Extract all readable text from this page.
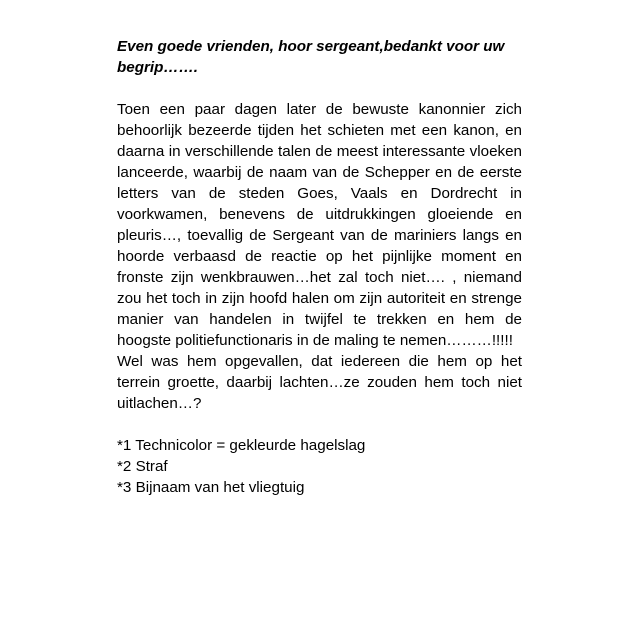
Even goede vrienden, hoor sergeant,bedankt voor uw

begrip…….

Toen een paar dagen later de bewuste kanonnier zich behoorlijk bezeerde tijden het schieten met een kanon, en daarna in verschillende talen de meest interessante vloeken lanceerde, waarbij de naam van de Schepper en de eerste letters van de steden Goes, Vaals en Dordrecht in voorkwamen, benevens de uitdrukkingen gloeiende en pleuris…, toevallig de Sergeant van de mariniers langs en hoorde verbaasd de reactie op het pijnlijke moment en fronste zijn wenkbrauwen…het zal toch niet…. , niemand zou het toch in zijn hoofd halen om zijn autoriteit en strenge manier van handelen in twijfel te trekken en hem de hoogste politiefunctionaris in de maling te nemen………!!!!!

Wel was hem opgevallen, dat iedereen die hem op het terrein groette, daarbij lachten…ze zouden hem toch niet uitlachen…?

*1 Technicolor = gekleurde hagelslag

*2 Straf

*3 Bijnaam van het vliegtuig
